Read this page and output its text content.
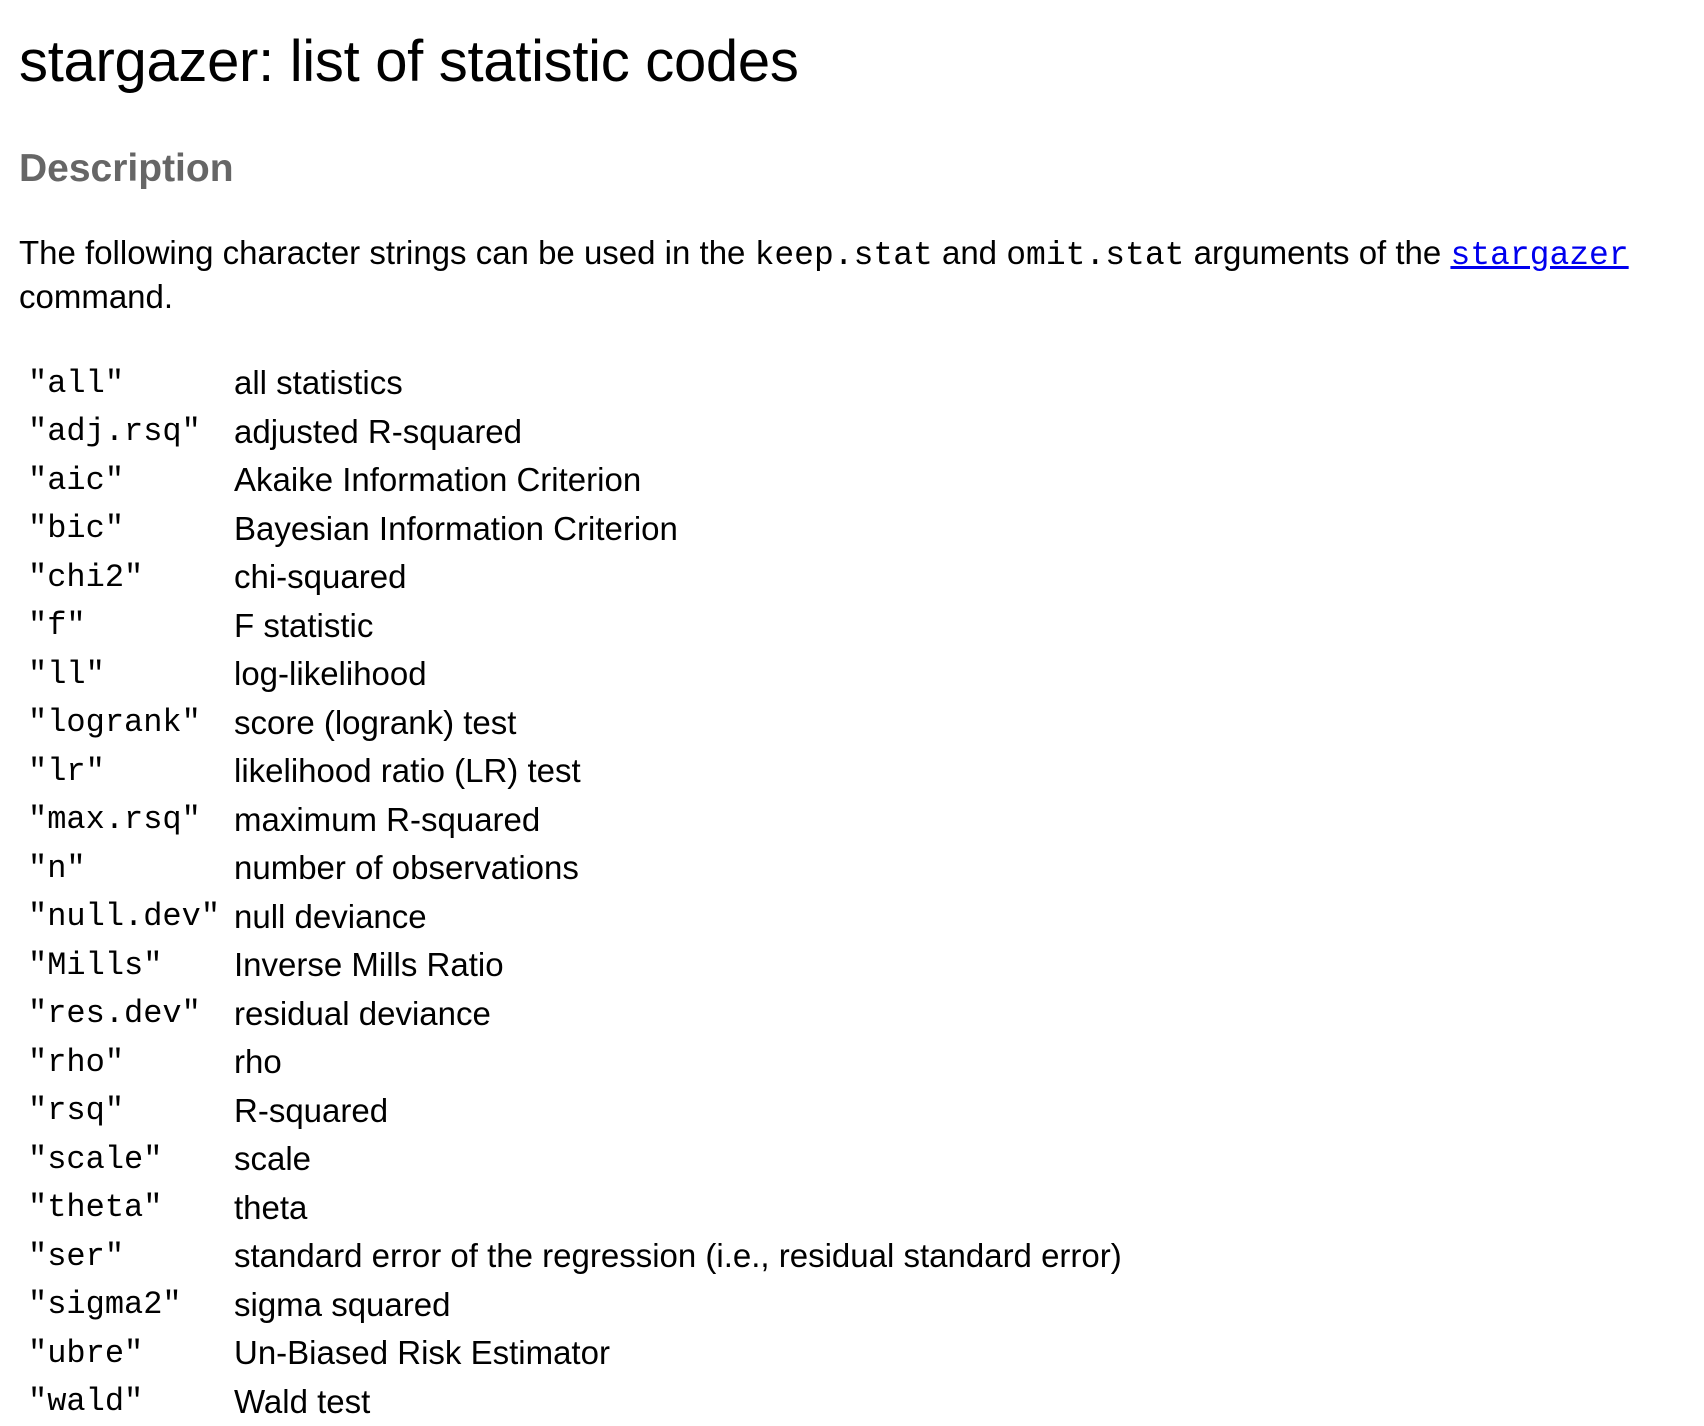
stargazer: list of statistic codes
Description

The following character strings can be used in the keep.stat and omit.stat arguments of the stargazer command.

"all"	all statistics
"adj.rsq"	adjusted R-squared
"aic"	Akaike Information Criterion
"bic"	Bayesian Information Criterion
"chi2"	chi-squared
"f"	F statistic
"ll"	log-likelihood
"logrank"	score (logrank) test
"lr"	likelihood ratio (LR) test
"max.rsq"	maximum R-squared
"n"	number of observations
"null.dev"	null deviance
"Mills"	Inverse Mills Ratio
"res.dev"	residual deviance
"rho"	rho
"rsq"	R-squared
"scale"	scale
"theta"	theta
"ser"	standard error of the regression (i.e., residual standard error)
"sigma2"	sigma squared
"ubre"	Un-Biased Risk Estimator
"wald"	Wald test
